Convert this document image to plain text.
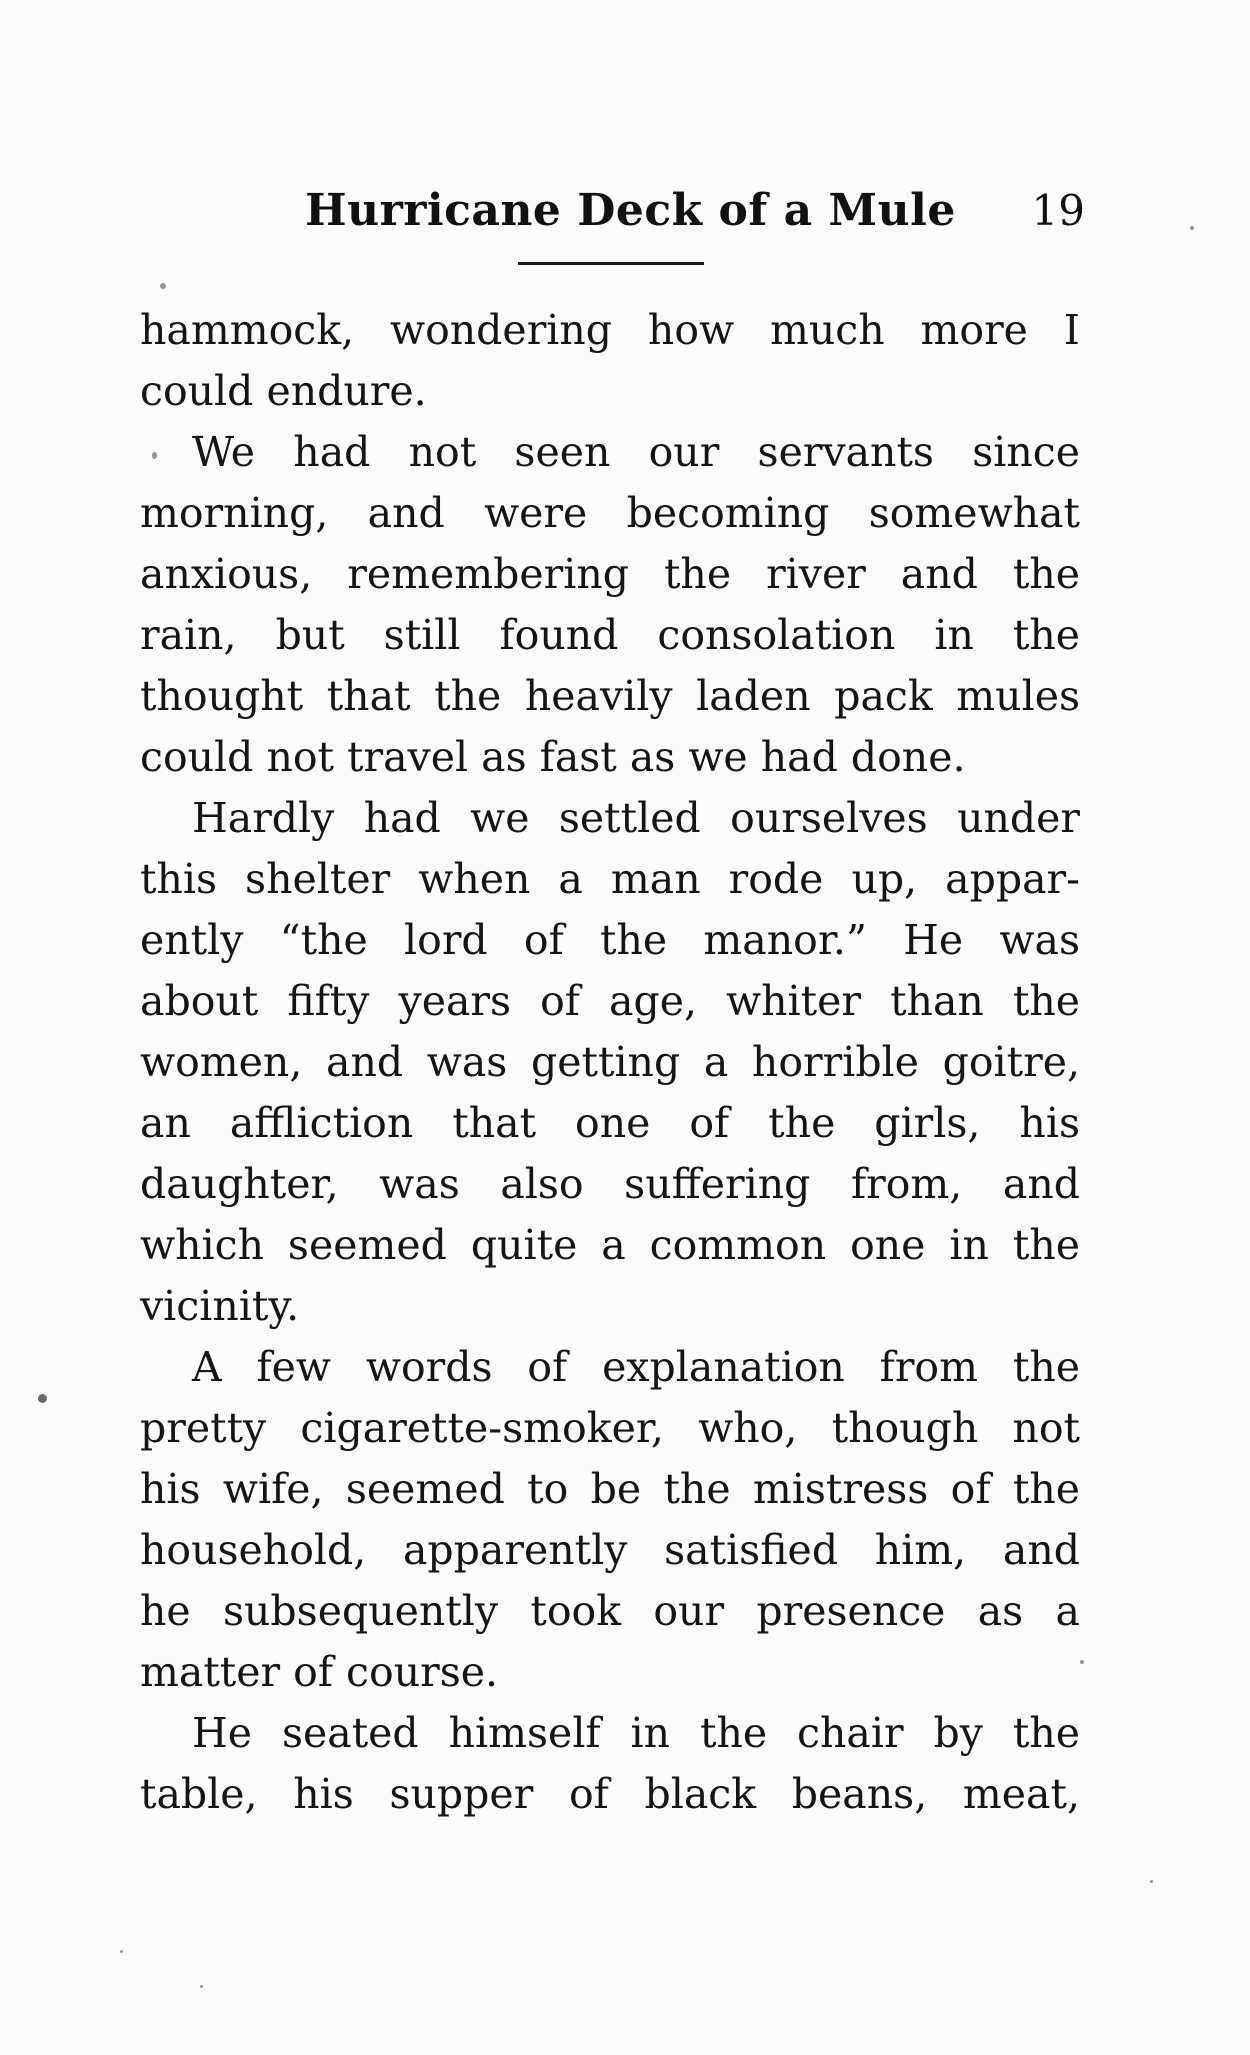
Hurricane Deck of a Mule 19
hammock, wondering how much more I
could endure.
We had not seen our servants since
morning, and were becoming somewhat
anxious, remembering the river and the
rain, but still found consolation in the
thought that the heavily laden pack mules
could not travel as fast as we had done.
Hardly had we settled ourselves under
this shelter when a man rode up, appar-
ently “the lord of the manor.” He was
about fifty years of age, whiter than the
women, and was getting a horrible goitre,
an affliction that one of the girls, his
daughter, was also suffering from, and
which seemed quite a common one in the
vicinity.
A few words of explanation from the
pretty cigarette-smoker, who, though not
his wife, seemed to be the mistress of the
household, apparently satisfied him, and
he subsequently took our presence as a
matter of course.
He seated himself in the chair by the
table, his supper of black beans, meat,
